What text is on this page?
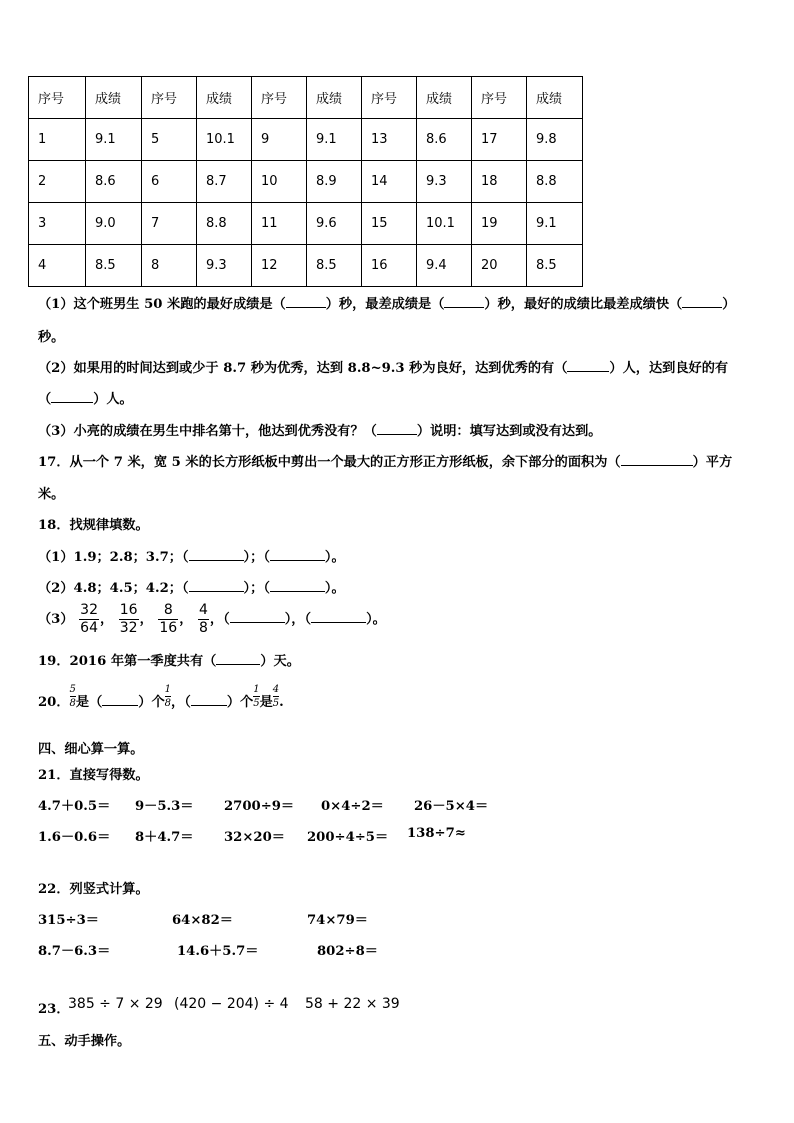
序号	成绩	序号	成绩	序号	成绩	序号	成绩	序号	成绩
1	9.1	5	10.1	9	9.1	13	8.6	17	9.8
2	8.6	6	8.7	10	8.9	14	9.3	18	8.8
3	9.0	7	8.8	11	9.6	15	10.1	19	9.1
4	8.5	8	9.3	12	8.5	16	9.4	20	8.5
（1）这个班男生 50 米跑的最好成绩是（	）秒，最差成绩是（	）秒，最好的成绩比最差成绩快（	）
秒。
（2）如果用的时间达到或少于 8.7 秒为优秀，达到 8.8~9.3 秒为良好，达到优秀的有（	）人，达到良好的有
（	）人。
（3）小亮的成绩在男生中排名第十，他达到优秀没有？（	）说明：填写达到或没有达到。
17．从一个 7 米，宽 5 米的长方形纸板中剪出一个最大的正方形正方形纸板，余下部分的面积为（	）平方
米。
18．找规律填数。
（1）1.9；2.8；3.7；（	）；（	）。
（2）4.8；4.5；4.2；（	）；（	）。
$(3) \frac{32}{64}$ ， $\frac{16}{32}$ ， $\frac{8}{16}$ ， $\frac{4}{8}$ ，（	），（	）。
19．2016 年第一季度共有（	）天。
20． $\frac{5}{8}$ 是（	）个 $\frac{1}{8}$ ，（	）个 $\frac{1}{5}$ 是 $\frac{4}{5}$ .
四、细心算一算。
21．直接写得数。
4.7＋0.5＝ 9－5.3＝ 2700÷9＝ 0×4÷2＝ 26－5×4＝
1.6－0.6＝ 8＋4.7＝ 32×20＝ 200÷4÷5＝ 138÷7≈
22．列竖式计算。
315÷3＝	64×82＝	74×79＝
8.7－6.3＝	14.6＋5.7＝	802÷8＝
23．
385 ÷ 7 × 29 (420 − 204) ÷ 4 58 + 22 × 39
五、动手操作。
